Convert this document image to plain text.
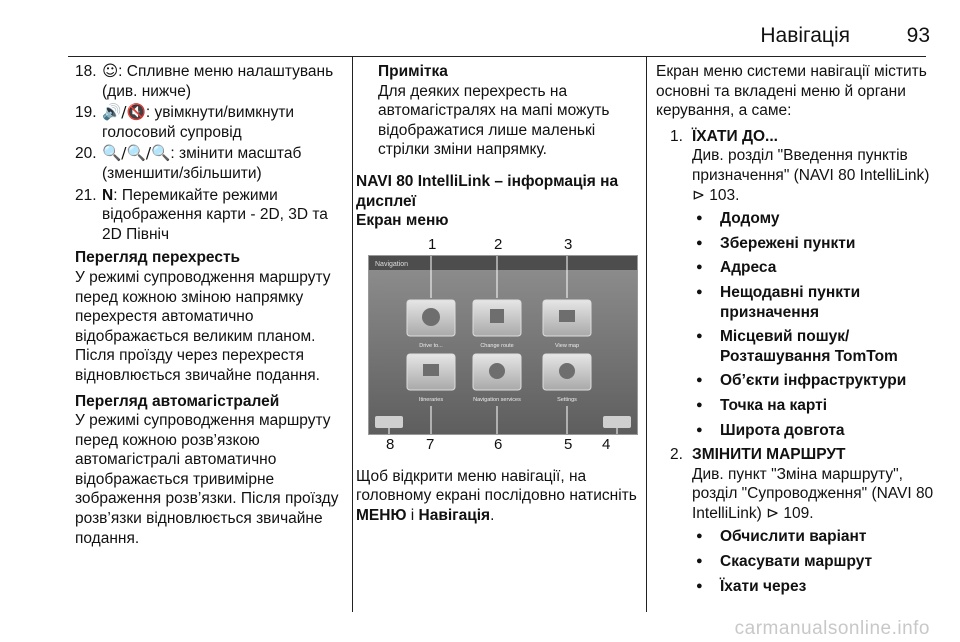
Навігація	93
18. ☺: Спливне меню налаштувань (див. нижче)
19. 🔊/🔇: увімкнути/вимкнути голосовий супровід
20. 🔍/🔍/🔍: змінити масштаб (зменшити/збільшити)
21. N: Перемикайте режими відображення карти - 2D, 3D та 2D Північ
Перегляд перехресть

У режимі супроводження маршруту перед кожною зміною напрямку перехрестя автоматично відображається великим планом. Після проїзду через перехрестя відновлюється звичайне подання.

Перегляд автомагістралей

У режимі супроводження маршруту перед кожною розв’язкою автомагістралі автоматично відображається тривимірне зображення розв’язки. Після проїзду розв’язки відновлюється звичайне подання.

Примітка
Для деяких перехресть на автомагістралях на мапі можуть відображатися лише маленькі стрілки зміни напрямку.
NAVI 80 IntelliLink – інформація на дисплеї
Екран меню
1	2	3
Navigation
Drive to...	Change route	View map
Itineraries	Navigation services	Settings
8 7	6	5 4

Щоб відкрити меню навігації, на головному екрані послідовно натисніть МЕНЮ і Навігація.

Екран меню системи навігації містить основні та вкладені меню й органи керування, а саме:

1. ЇХАТИ ДО...
Див. розділ "Введення пунктів призначення" (NAVI 80 IntelliLink) ⊳ 103.
● Додому
● Збережені пункти
● Адреса
● Нещодавні пункти призначення
● Місцевий пошук/ Розташування TomTom
● Об’єкти інфраструктури
● Точка на карті
● Широта довгота
2. ЗМІНИТИ МАРШРУТ
Див. пункт "Зміна маршруту", розділ "Супроводження" (NAVI 80 IntelliLink) ⊳ 109.
● Обчислити варіант
● Скасувати маршрут
● Їхати через
carmanualsonline.info
